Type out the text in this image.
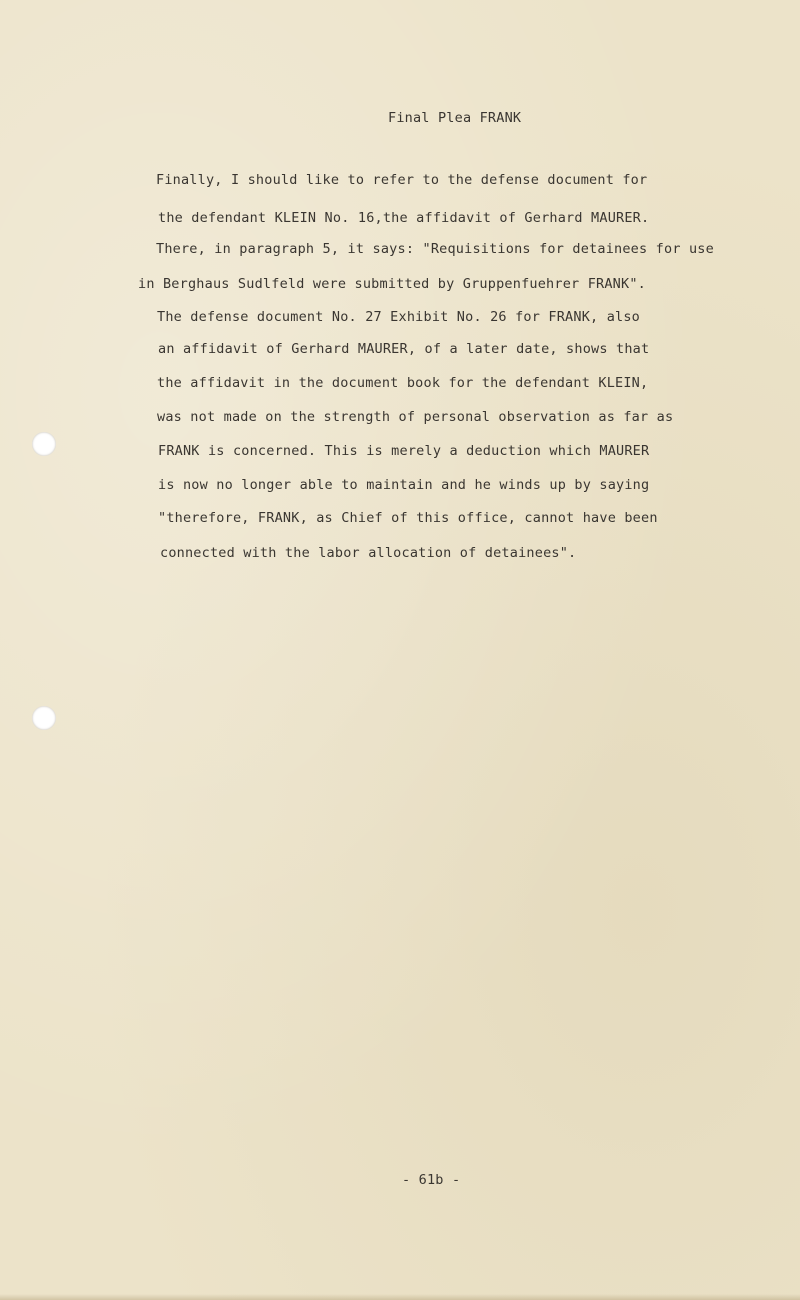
Final Plea FRANK
Finally, I should like to refer to the defense document for
the defendant KLEIN No. 16,the affidavit of Gerhard MAURER.
There, in paragraph 5, it says: "Requisitions for detainees for use
in Berghaus Sudlfeld were submitted by Gruppenfuehrer FRANK".
The defense document No. 27 Exhibit No. 26 for FRANK, also
an affidavit of Gerhard MAURER, of a later date, shows that
the affidavit in the document book for the defendant KLEIN,
was not made on the strength of personal observation as far as
FRANK is concerned. This is merely a deduction which MAURER
is now no longer able to maintain and he winds up by saying
"therefore, FRANK, as Chief of this office, cannot have been
connected with the labor allocation of detainees".
- 61b -
